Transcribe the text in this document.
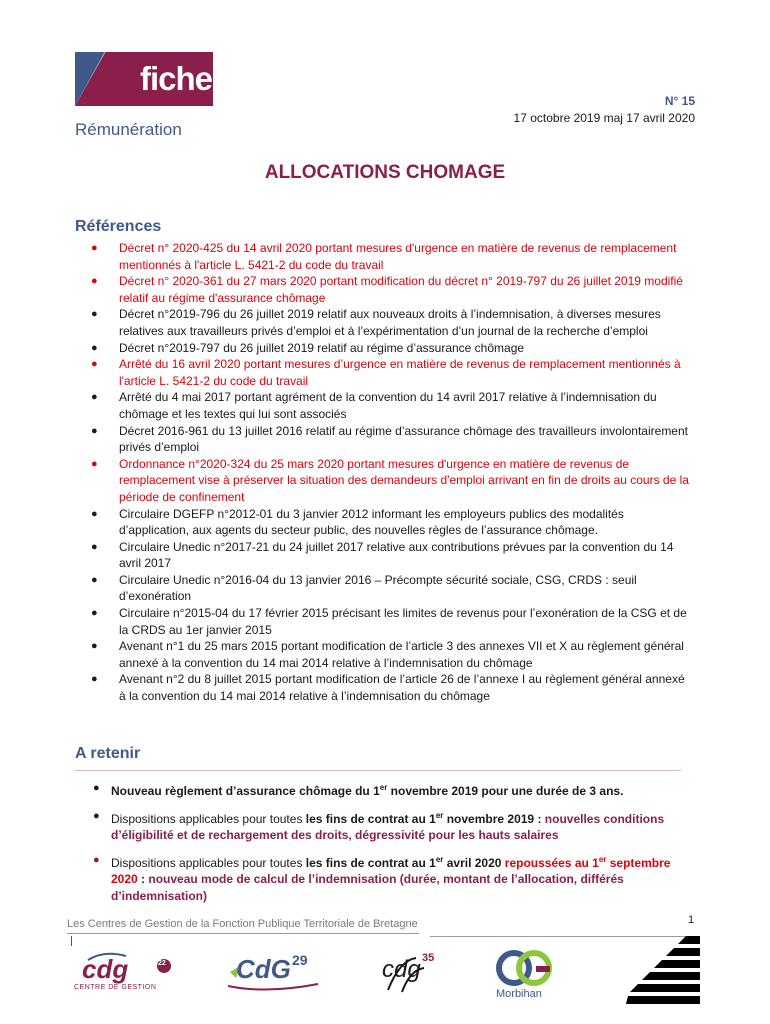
fiche
Rémunération
N° 15
17 octobre 2019 maj 17 avril 2020
ALLOCATIONS CHOMAGE
Références
● Décret n° 2020-425 du 14 avril 2020 portant mesures d'urgence en matière de revenus de remplacement mentionnés à l'article L. 5421-2 du code du travail
● Décret n° 2020-361 du 27 mars 2020 portant modification du décret n° 2019-797 du 26 juillet 2019 modifié relatif au régime d'assurance chômage
● Décret n°2019-796 du 26 juillet 2019 relatif aux nouveaux droits à l’indemnisation, à diverses mesures relatives aux travailleurs privés d’emploi et à l’expérimentation d’un journal de la recherche d’emploi
● Décret n°2019-797 du 26 juillet 2019 relatif au régime d’assurance chômage
● Arrêté du 16 avril 2020 portant mesures d’urgence en matière de revenus de remplacement mentionnés à l'article L. 5421-2 du code du travail
● Arrêté du 4 mai 2017 portant agrément de la convention du 14 avril 2017 relative à l’indemnisation du chômage et les textes qui lui sont associés
● Décret 2016-961 du 13 juillet 2016 relatif au régime d’assurance chômage des travailleurs involontairement privés d’emploi
● Ordonnance n°2020-324 du 25 mars 2020 portant mesures d'urgence en matière de revenus de remplacement vise à préserver la situation des demandeurs d'emploi arrivant en fin de droits au cours de la période de confinement
● Circulaire DGEFP n°2012-01 du 3 janvier 2012 informant les employeurs publics des modalités d’application, aux agents du secteur public, des nouvelles règles de l’assurance chômage.
● Circulaire Unedic n°2017-21 du 24 juillet 2017 relative aux contributions prévues par la convention du 14 avril 2017
● Circulaire Unedic n°2016-04 du 13 janvier 2016 – Précompte sécurité sociale, CSG, CRDS : seuil d’exonération
● Circulaire n°2015-04 du 17 février 2015 précisant les limites de revenus pour l’exonération de la CSG et de la CRDS au 1er janvier 2015
● Avenant n°1 du 25 mars 2015 portant modification de l’article 3 des annexes VII et X au règlement général annexé à la convention du 14 mai 2014 relative à l’indemnisation du chômage
● Avenant n°2 du 8 juillet 2015 portant modification de l’article 26 de l’annexe I au règlement général annexé à la convention du 14 mai 2014 relative à l’indemnisation du chômage
A retenir
● Nouveau règlement d’assurance chômage du 1er novembre 2019 pour une durée de 3 ans.
● Dispositions applicables pour toutes les fins de contrat au 1er novembre 2019 : nouvelles conditions d’éligibilité et de rechargement des droits, dégressivité pour les hauts salaires
● Dispositions applicables pour toutes les fins de contrat au 1er avril 2020 repoussées au 1er septembre 2020 : nouveau mode de calcul de l’indemnisation (durée, montant de l’allocation, différés d’indemnisation)
Les Centres de Gestion de la Fonction Publique Territoriale de Bretagne	1
cdg	22
CENTRE DE GESTION
CdG 29	cdg 35
Morbihan
